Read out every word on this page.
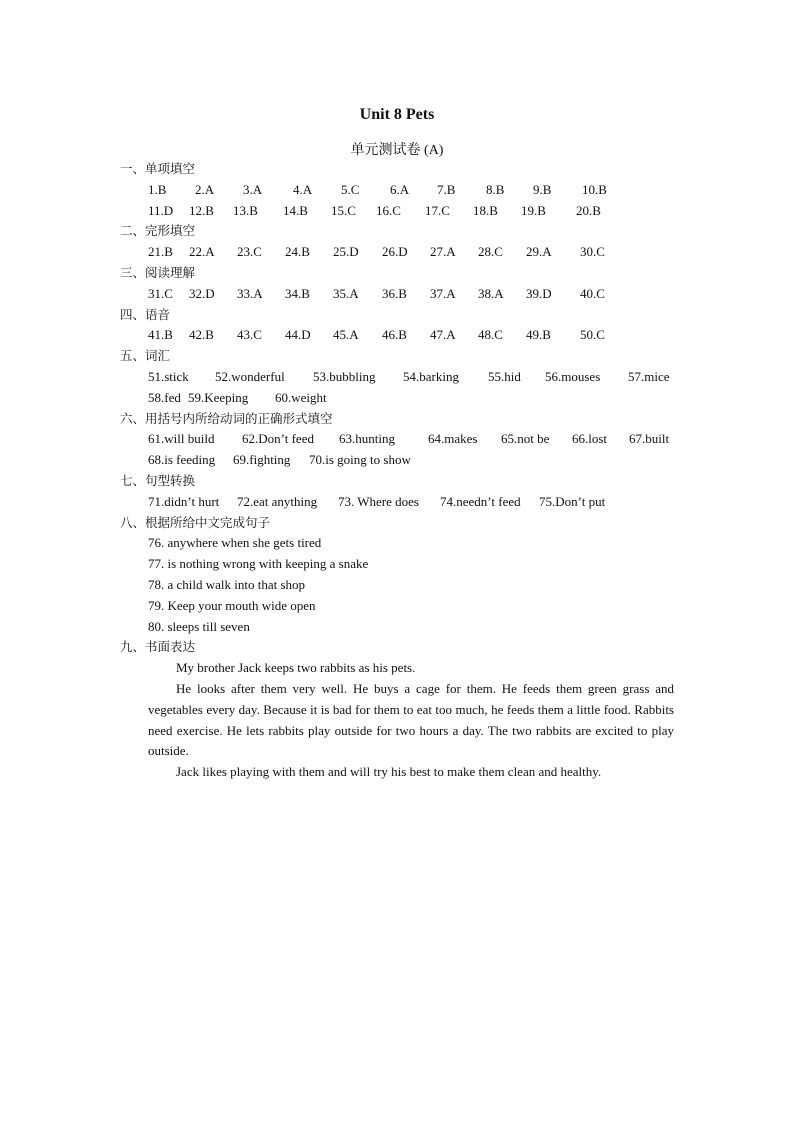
Unit 8 Pets
单元测试卷 (A)
一、单项填空
1.B 2.A 3.A 4.A 5.C 6.A 7.B 8.B 9.B 10.B
11.D 12.B 13.B 14.B 15.C 16.C 17.C 18.B 19.B 20.B
二、完形填空
21.B 22.A 23.C 24.B 25.D 26.D 27.A 28.C 29.A 30.C
三、阅读理解
31.C 32.D 33.A 34.B 35.A 36.B 37.A 38.A 39.D 40.C
四、语音
41.B 42.B 43.C 44.D 45.A 46.B 47.A 48.C 49.B 50.C
五、词汇
51.stick 52.wonderful 53.bubbling 54.barking 55.hid 56.mouses 57.mice
58.fed 59.Keeping 60.weight
六、用括号内所给动词的正确形式填空
61.will build 62.Don’t feed 63.hunting	64.makes 65.not be 66.lost 67.built
68.is feeding 69.fighting 70.is going to show
七、句型转换
71.didn’t hurt 72.eat anything 73. Where does 74.needn’t feed 75.Don’t put
八、根据所给中文完成句子
76. anywhere when she gets tired
77. is nothing wrong with keeping a snake
78. a child walk into that shop
79. Keep your mouth wide open
80. sleeps till seven
九、书面表达
My brother Jack keeps two rabbits as his pets.
He looks after them very well. He buys a cage for them. He feeds them green grass and vegetables every day. Because it is bad for them to eat too much, he feeds them a little food. Rabbits need exercise. He lets rabbits play outside for two hours a day. The two rabbits are excited to play outside.
Jack likes playing with them and will try his best to make them clean and healthy.
